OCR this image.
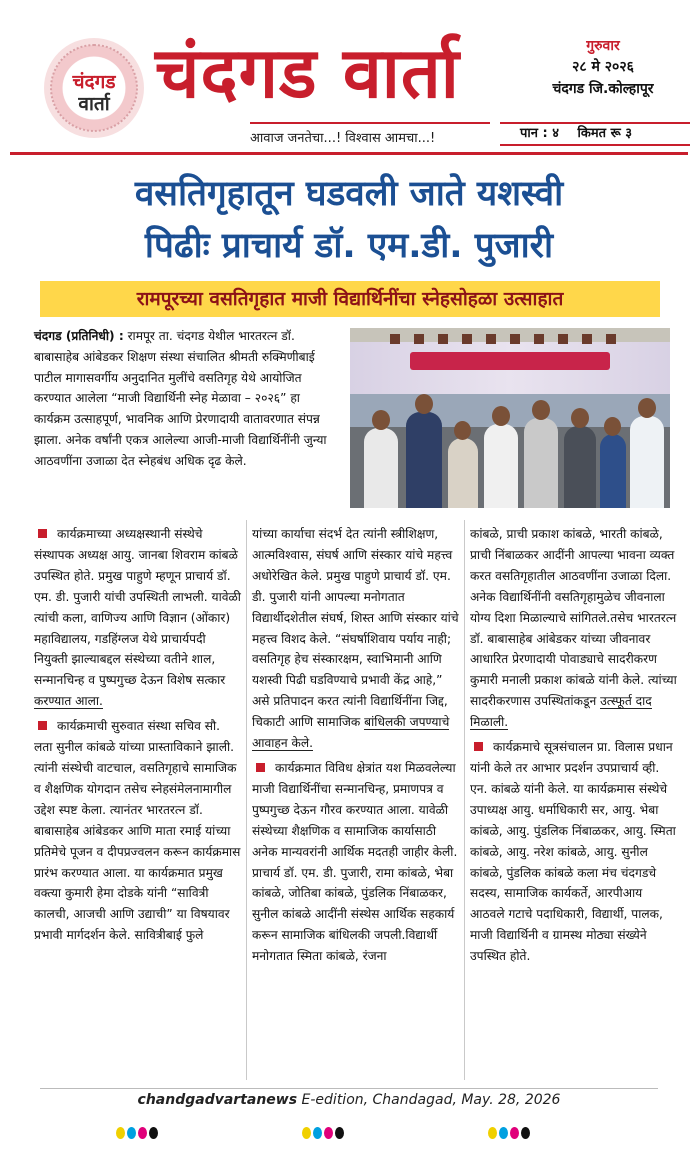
चंदगड
वार्ता चंदगड वार्ता
आवाज जनतेचा...! विश्वास आमचा...!
गुरुवार
२८ मे २०२६
चंदगड जि.कोल्हापूर
पान : ४ किमत रू ३
वसतिगृहातून घडवली जाते यशस्वी
पिढीः प्राचार्य डॉ. एम.डी. पुजारी
रामपूरच्या वसतिगृहात माजी विद्यार्थिनींचा स्नेहसोहळा उत्साहात
चंदगड (प्रतिनिधी) : रामपूर ता. चंदगड येथील भारतरत्न डॉ. बाबासाहेब आंबेडकर शिक्षण संस्था संचालित श्रीमती रुक्मिणीबाई पाटील मागासवर्गीय अनुदानित मुलींचे वसतिगृह येथे आयोजित करण्यात आलेला “माजी विद्यार्थिनी स्नेह मेळावा – २०२६” हा कार्यक्रम उत्साहपूर्ण, भावनिक आणि प्रेरणादायी वातावरणात संपन्न झाला. अनेक वर्षांनी एकत्र आलेल्या आजी-माजी विद्यार्थिनींनी जुन्या आठवणींना उजाळा देत स्नेहबंध अधिक दृढ केले.

कार्यक्रमाच्या अध्यक्षस्थानी संस्थेचे संस्थापक अध्यक्ष आयु. जानबा शिवराम कांबळे उपस्थित होते. प्रमुख पाहुणे म्हणून प्राचार्य डॉ. एम. डी. पुजारी यांची उपस्थिती लाभली. यावेळी त्यांची कला, वाणिज्य आणि विज्ञान (ओंकार) महाविद्यालय, गडहिंग्लज येथे प्राचार्यपदी नियुक्ती झाल्याबद्दल संस्थेच्या वतीने शाल, सन्मानचिन्ह व पुष्पगुच्छ देऊन विशेष सत्कार करण्यात आला.

कार्यक्रमाची सुरुवात संस्था सचिव सौ. लता सुनील कांबळे यांच्या प्रास्ताविकाने झाली. त्यांनी संस्थेची वाटचाल, वसतिगृहाचे सामाजिक व शैक्षणिक योगदान तसेच स्नेहसंमेलनामागील उद्देश स्पष्ट केला. त्यानंतर भारतरत्न डॉ. बाबासाहेब आंबेडकर आणि माता रमाई यांच्या प्रतिमेचे पूजन व दीपप्रज्वलन करून कार्यक्रमास प्रारंभ करण्यात आला. या कार्यक्रमात प्रमुख वक्त्या कुमारी हेमा दोडके यांनी “सावित्री कालची, आजची आणि उद्याची” या विषयावर प्रभावी मार्गदर्शन केले. सावित्रीबाई फुले

यांच्या कार्याचा संदर्भ देत त्यांनी स्त्रीशिक्षण, आत्मविश्वास, संघर्ष आणि संस्कार यांचे महत्त्व अधोरेखित केले. प्रमुख पाहुणे प्राचार्य डॉ. एम. डी. पुजारी यांनी आपल्या मनोगतात विद्यार्थीदशेतील संघर्ष, शिस्त आणि संस्कार यांचे महत्त्व विशद केले. “संघर्षाशिवाय पर्याय नाही; वसतिगृह हेच संस्कारक्षम, स्वाभिमानी आणि यशस्वी पिढी घडविण्याचे प्रभावी केंद्र आहे,” असे प्रतिपादन करत त्यांनी विद्यार्थिनींना जिद्द, चिकाटी आणि सामाजिक बांधिलकी जपण्याचे आवाहन केले.

कार्यक्रमात विविध क्षेत्रांत यश मिळवलेल्या माजी विद्यार्थिनींचा सन्मानचिन्ह, प्रमाणपत्र व पुष्पगुच्छ देऊन गौरव करण्यात आला. यावेळी संस्थेच्या शैक्षणिक व सामाजिक कार्यासाठी अनेक मान्यवरांनी आर्थिक मदतही जाहीर केली. प्राचार्य डॉ. एम. डी. पुजारी, रामा कांबळे, भेबा कांबळे, जोतिबा कांबळे, पुंडलिक निंबाळकर, सुनील कांबळे आदींनी संस्थेस आर्थिक सहकार्य करून सामाजिक बांधिलकी जपली.विद्यार्थी मनोगतात स्मिता कांबळे, रंजना

कांबळे, प्राची प्रकाश कांबळे, भारती कांबळे, प्राची निंबाळकर आदींनी आपल्या भावना व्यक्त करत वसतिगृहातील आठवणींना उजाळा दिला. अनेक विद्यार्थिनींनी वसतिगृहामुळेच जीवनाला योग्य दिशा मिळाल्याचे सांगितले.तसेच भारतरत्न डॉ. बाबासाहेब आंबेडकर यांच्या जीवनावर आधारित प्रेरणादायी पोवाड्याचे सादरीकरण कुमारी मनाली प्रकाश कांबळे यांनी केले. त्यांच्या सादरीकरणास उपस्थितांकडून उत्स्फूर्त दाद मिळाली.

कार्यक्रमाचे सूत्रसंचालन प्रा. विलास प्रधान यांनी केले तर आभार प्रदर्शन उपप्राचार्य व्ही. एन. कांबळे यांनी केले. या कार्यक्रमास संस्थेचे उपाध्यक्ष आयु. धर्माधिकारी सर, आयु. भेबा कांबळे, आयु. पुंडलिक निंबाळकर, आयु. स्मिता कांबळे, आयु. नरेश कांबळे, आयु. सुनील कांबळे, पुंडलिक कांबळे कला मंच चंदगडचे सदस्य, सामाजिक कार्यकर्ते, आरपीआय आठवले गटाचे पदाधिकारी, विद्यार्थी, पालक, माजी विद्यार्थिनी व ग्रामस्थ मोठ्या संख्येने उपस्थित होते.

chandgadvartanews E-edition, Chandagad, May. 28, 2026
